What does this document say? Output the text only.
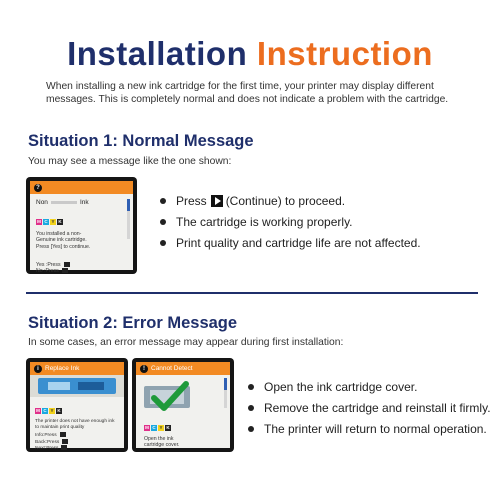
Installation Instruction

When installing a new ink cartridge for the first time, your printer may display different messages. This is completely normal and does not indicate a problem with the cartridge.

Situation 1: Normal Message
You may see a message like the one shown:
?
Non	Ink
M C Y K
You installed a non-
Genuine ink cartridge.
Press [Yes] to continue.
Yes :Press
No :Press
Press (Continue) to proceed.
The cartridge is working properly.
Print quality and cartridge life are not affected.
Situation 2: Error Message
In some cases, an error message may appear during first installation:
i Replace Ink
M C Y K
The printer does not have enough ink
to maintain print quality
Info:Press
Back:Press
Next:Press
! Cannot Detect
M C Y K
Open the ink
cartridge cover.
Open the ink cartridge cover.
Remove the cartridge and reinstall it firmly.
The printer will return to normal operation.
